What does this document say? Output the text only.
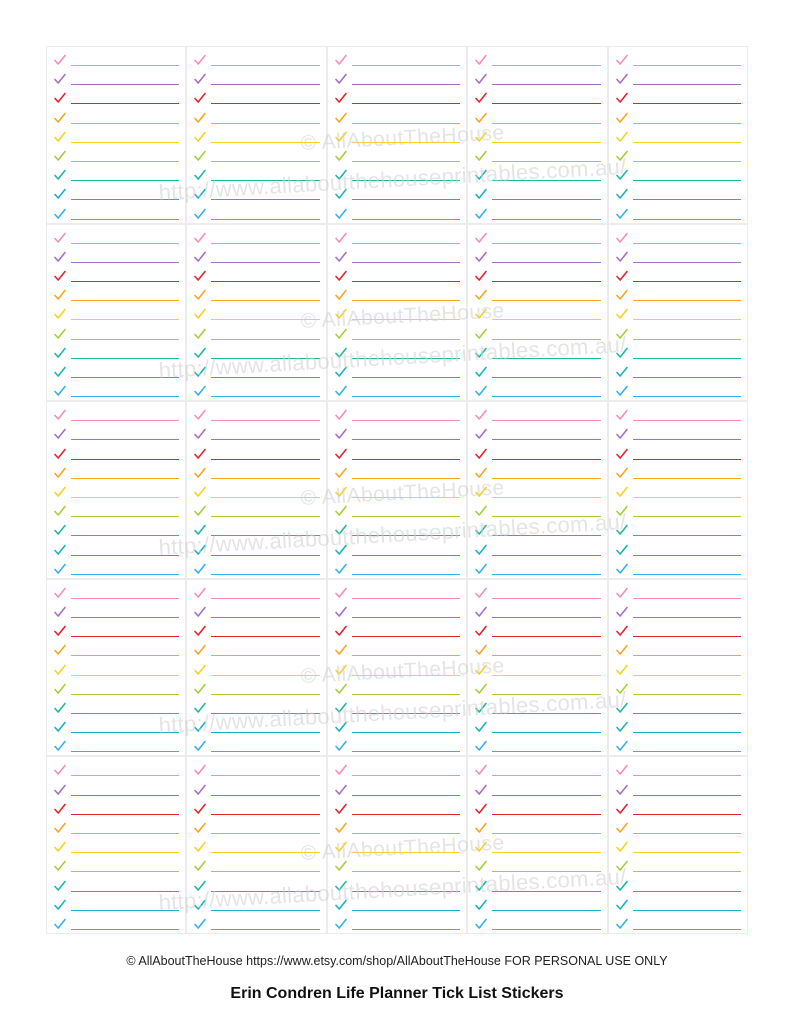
© AllAboutTheHouse
http://www.allaboutthehouseprintables.com.au/
© AllAboutTheHouse
http://www.allaboutthehouseprintables.com.au/
© AllAboutTheHouse
http://www.allaboutthehouseprintables.com.au/
© AllAboutTheHouse
http://www.allaboutthehouseprintables.com.au/
© AllAboutTheHouse
http://www.allaboutthehouseprintables.com.au/
© AllAboutTheHouse https://www.etsy.com/shop/AllAboutTheHouse FOR PERSONAL USE ONLY
Erin Condren Life Planner Tick List Stickers
